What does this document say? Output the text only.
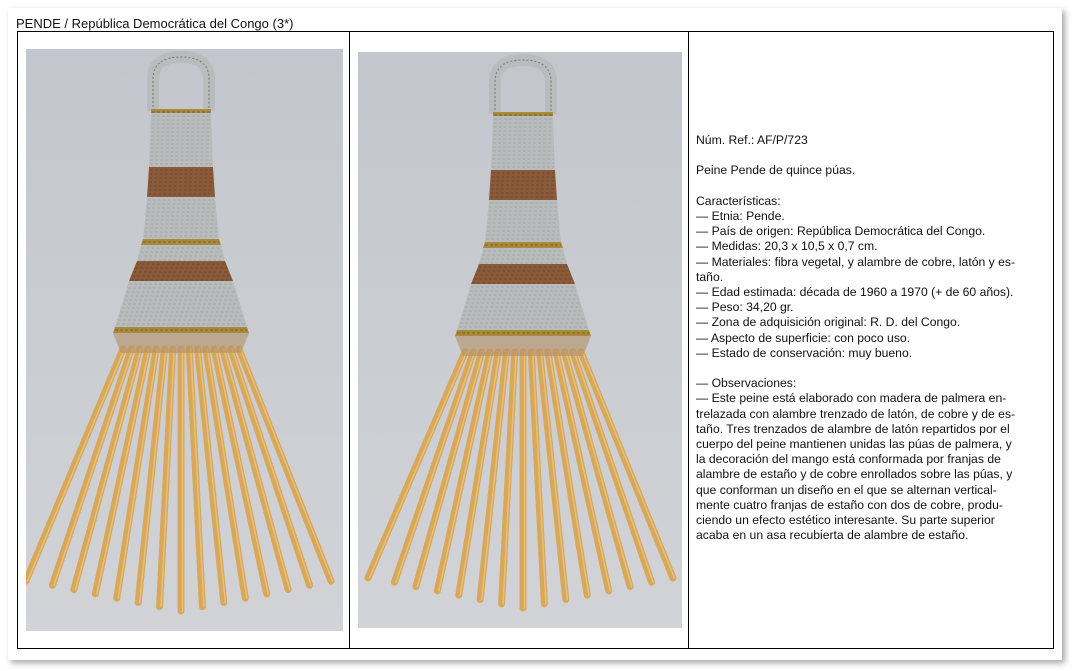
PENDE / República Democrática del Congo (3*)

Núm. Ref.: AF/P/723

Peine Pende de quince púas.

Características:

— Etnia: Pende.

— País de origen: República Democrática del Congo.

— Medidas: 20,3 x 10,5 x 0,7 cm.

— Materiales: fibra vegetal, y alambre de cobre, latón y es-

taño.

— Edad estimada: década de 1960 a 1970 (+ de 60 años).

— Peso: 34,20 gr.

— Zona de adquisición original: R. D. del Congo.

— Aspecto de superficie: con poco uso.

— Estado de conservación: muy bueno.

— Observaciones:

— Este peine está elaborado con madera de palmera en-

trelazada con alambre trenzado de latón, de cobre y de es-

taño. Tres trenzados de alambre de latón repartidos por el

cuerpo del peine mantienen unidas las púas de palmera, y

la decoración del mango está conformada por franjas de

alambre de estaño y de cobre enrollados sobre las púas, y

que conforman un diseño en el que se alternan vertical-

mente cuatro franjas de estaño con dos de cobre, produ-

ciendo un efecto estético interesante. Su parte superior

acaba en un asa recubierta de alambre de estaño.
